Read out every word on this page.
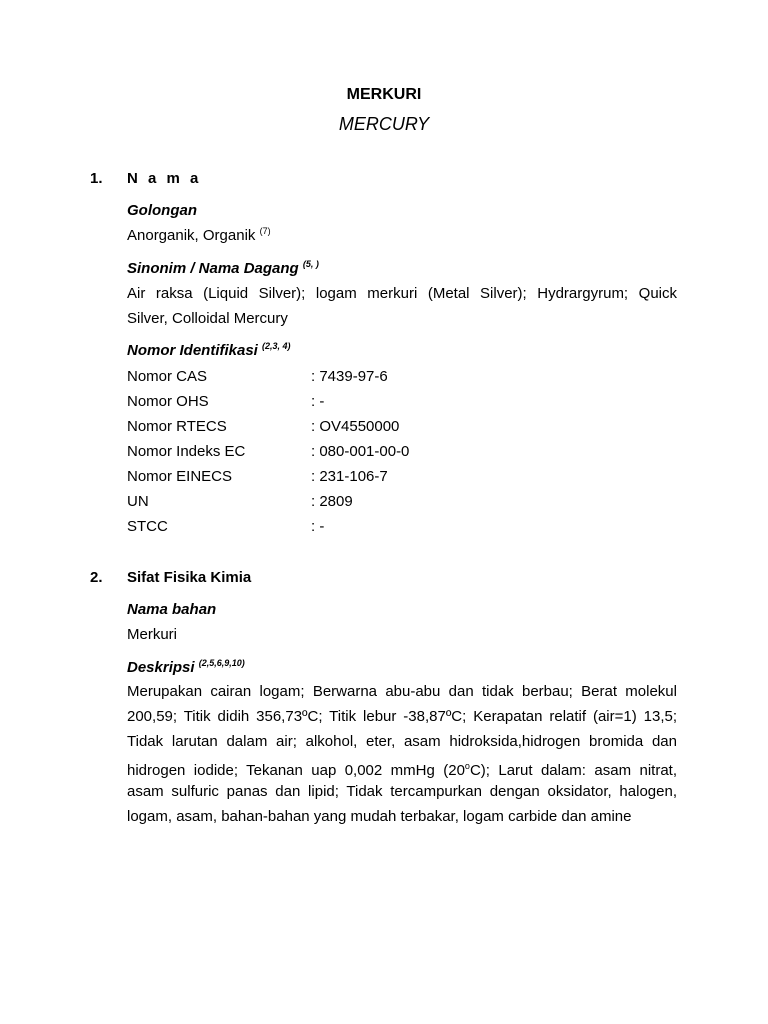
MERKURI
MERCURY
1. N a m a
Golongan
Anorganik, Organik $^{(7)}$
Sinonim / Nama Dagang $^{(5, )}$
Air raksa (Liquid Silver); logam merkuri (Metal Silver); Hydrargyrum; Quick
Silver, Colloidal Mercury
Nomor Identifikasi $^{(2,3, 4)}$
Nomor CAS	: 7439-97-6
Nomor OHS	: -
Nomor RTECS	: OV4550000
Nomor Indeks EC	: 080-001-00-0
Nomor EINECS	: 231-106-7
UN	: 2809
STCC	: -
2. Sifat Fisika Kimia
Nama bahan
Merkuri
Deskripsi $^{(2,5,6,9,10)}$
Merupakan cairan logam; Berwarna abu-abu dan tidak berbau; Berat molekul
200,59; Titik didih 356,73ºC; Titik lebur -38,87ºC; Kerapatan relatif (air=1) 13,5;
Tidak larutan dalam air; alkohol, eter, asam hidroksida,hidrogen bromida dan
hidrogen iodide; Tekanan uap 0,002 mmHg (20$^o$C); Larut dalam: asam nitrat,
asam sulfuric panas dan lipid; Tidak tercampurkan dengan oksidator, halogen,
logam, asam, bahan-bahan yang mudah terbakar, logam carbide dan amine
